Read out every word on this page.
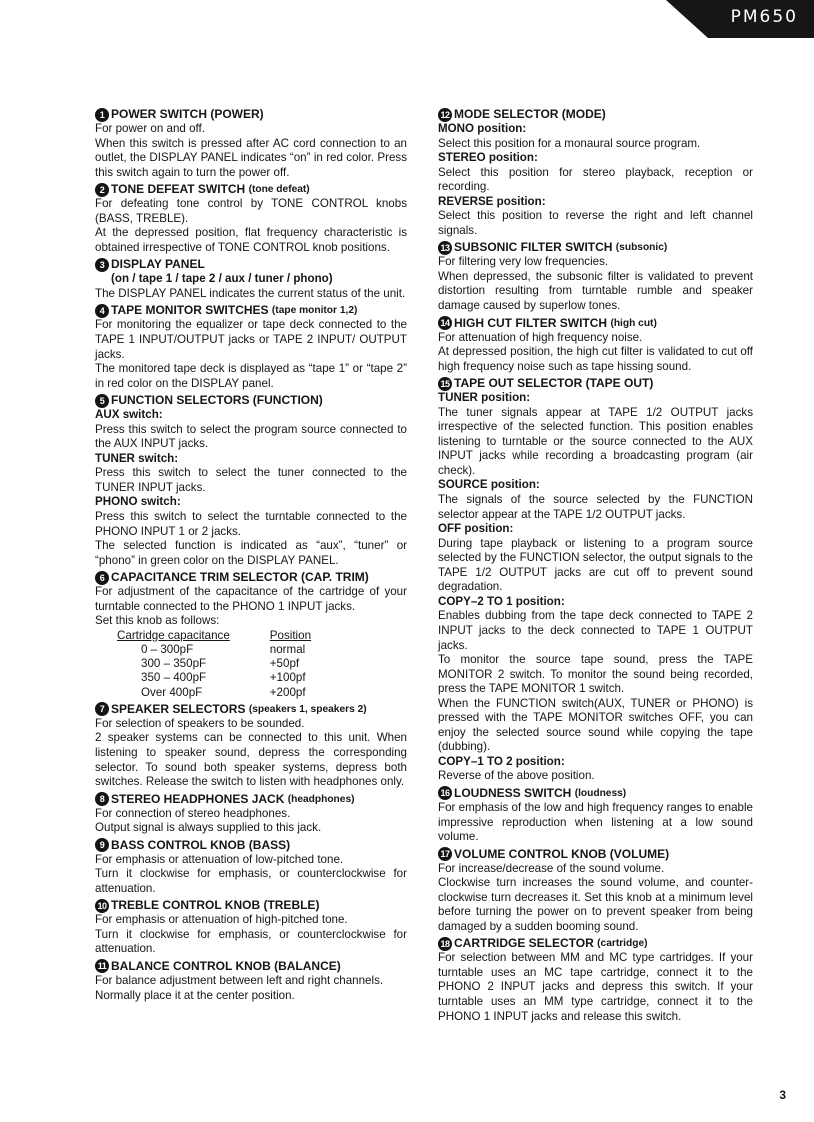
PM650
1 POWER SWITCH (POWER)

For power on and off.

When this switch is pressed after AC cord connection to an outlet, the DISPLAY PANEL indicates “on” in red color. Press this switch again to turn the power off.

2 TONE DEFEAT SWITCH
(tone defeat)

For defeating tone control by TONE CONTROL knobs (BASS, TREBLE).

At the depressed position, flat frequency characteristic is obtained irrespective of TONE CONTROL knob positions.

3 DISPLAY PANEL
(on / tape 1 / tape 2 / aux / tuner / phono)

The DISPLAY PANEL indicates the current status of the unit.

4 TAPE MONITOR SWITCHES
(tape monitor 1,2)

For monitoring the equalizer or tape deck connected to the TAPE 1 INPUT/OUTPUT jacks or TAPE 2 INPUT/ OUTPUT jacks.

The monitored tape deck is displayed as “tape 1” or “tape 2” in red color on the DISPLAY panel.

5 FUNCTION SELECTORS (FUNCTION)
AUX switch:

Press this switch to select the program source connected to the AUX INPUT jacks.

TUNER switch:

Press this switch to select the tuner connected to the TUNER INPUT jacks.

PHONO switch:

Press this switch to select the turntable connected to the PHONO INPUT 1 or 2 jacks.

The selected function is indicated as “aux”, “tuner” or “phono” in green color on the DISPLAY PANEL.

6 CAPACITANCE TRIM SELECTOR (CAP. TRIM)

For adjustment of the capacitance of the cartridge of your turntable connected to the PHONO 1 INPUT jacks.

Set this knob as follows:

Cartridge capacitance	Position
0 – 300pF	normal
300 – 350pF	+50pf
350 – 400pF	+100pf
Over 400pF	+200pf
7 SPEAKER SELECTORS
(speakers 1, speakers 2)

For selection of speakers to be sounded.

2 speaker systems can be connected to this unit. When listening to speaker sound, depress the corresponding selector. To sound both speaker systems, depress both switches. Release the switch to listen with headphones only.

8 STEREO HEADPHONES JACK
(headphones)

For connection of stereo headphones.

Output signal is always supplied to this jack.

9 BASS CONTROL KNOB (BASS)

For emphasis or attenuation of low-pitched tone.

Turn it clockwise for emphasis, or counterclockwise for attenuation.

10 TREBLE CONTROL KNOB (TREBLE)

For emphasis or attenuation of high-pitched tone.

Turn it clockwise for emphasis, or counterclockwise for attenuation.

11 BALANCE CONTROL KNOB (BALANCE)

For balance adjustment between left and right channels.

Normally place it at the center position.

12 MODE SELECTOR (MODE)
MONO position:

Select this position for a monaural source program.

STEREO position:

Select this position for stereo playback, reception or recording.

REVERSE position:

Select this position to reverse the right and left channel signals.

13 SUBSONIC FILTER SWITCH
(subsonic)

For filtering very low frequencies.

When depressed, the subsonic filter is validated to prevent distortion resulting from turntable rumble and speaker damage caused by superlow tones.

14 HIGH CUT FILTER SWITCH
(high cut)

For attenuation of high frequency noise.

At depressed position, the high cut filter is validated to cut off high frequency noise such as tape hissing sound.

15 TAPE OUT SELECTOR (TAPE OUT)
TUNER position:

The tuner signals appear at TAPE 1/2 OUTPUT jacks irrespective of the selected function. This position enables listening to turntable or the source connected to the AUX INPUT jacks while recording a broadcasting program (air check).

SOURCE position:

The signals of the source selected by the FUNCTION selector appear at the TAPE 1/2 OUTPUT jacks.

OFF position:

During tape playback or listening to a program source selected by the FUNCTION selector, the output signals to the TAPE 1/2 OUTPUT jacks are cut off to prevent sound degradation.

COPY–2 TO 1 position:

Enables dubbing from the tape deck connected to TAPE 2 INPUT jacks to the deck connected to TAPE 1 OUTPUT jacks.

To monitor the source tape sound, press the TAPE MONITOR 2 switch. To monitor the sound being recorded, press the TAPE MONITOR 1 switch.

When the FUNCTION switch(AUX, TUNER or PHONO) is pressed with the TAPE MONITOR switches OFF, you can enjoy the selected source sound while copying the tape (dubbing).

COPY–1 TO 2 position:

Reverse of the above position.

16 LOUDNESS SWITCH
(loudness)

For emphasis of the low and high frequency ranges to enable impressive reproduction when listening at a low sound volume.

17 VOLUME CONTROL KNOB (VOLUME)

For increase/decrease of the sound volume.

Clockwise turn increases the sound volume, and counter-clockwise turn decreases it. Set this knob at a minimum level before turning the power on to prevent speaker from being damaged by a sudden booming sound.

18 CARTRIDGE SELECTOR
(cartridge)

For selection between MM and MC type cartridges. If your turntable uses an MC tape cartridge, connect it to the PHONO 2 INPUT jacks and depress this switch. If your turntable uses an MM type cartridge, connect it to the PHONO 1 INPUT jacks and release this switch.

3
